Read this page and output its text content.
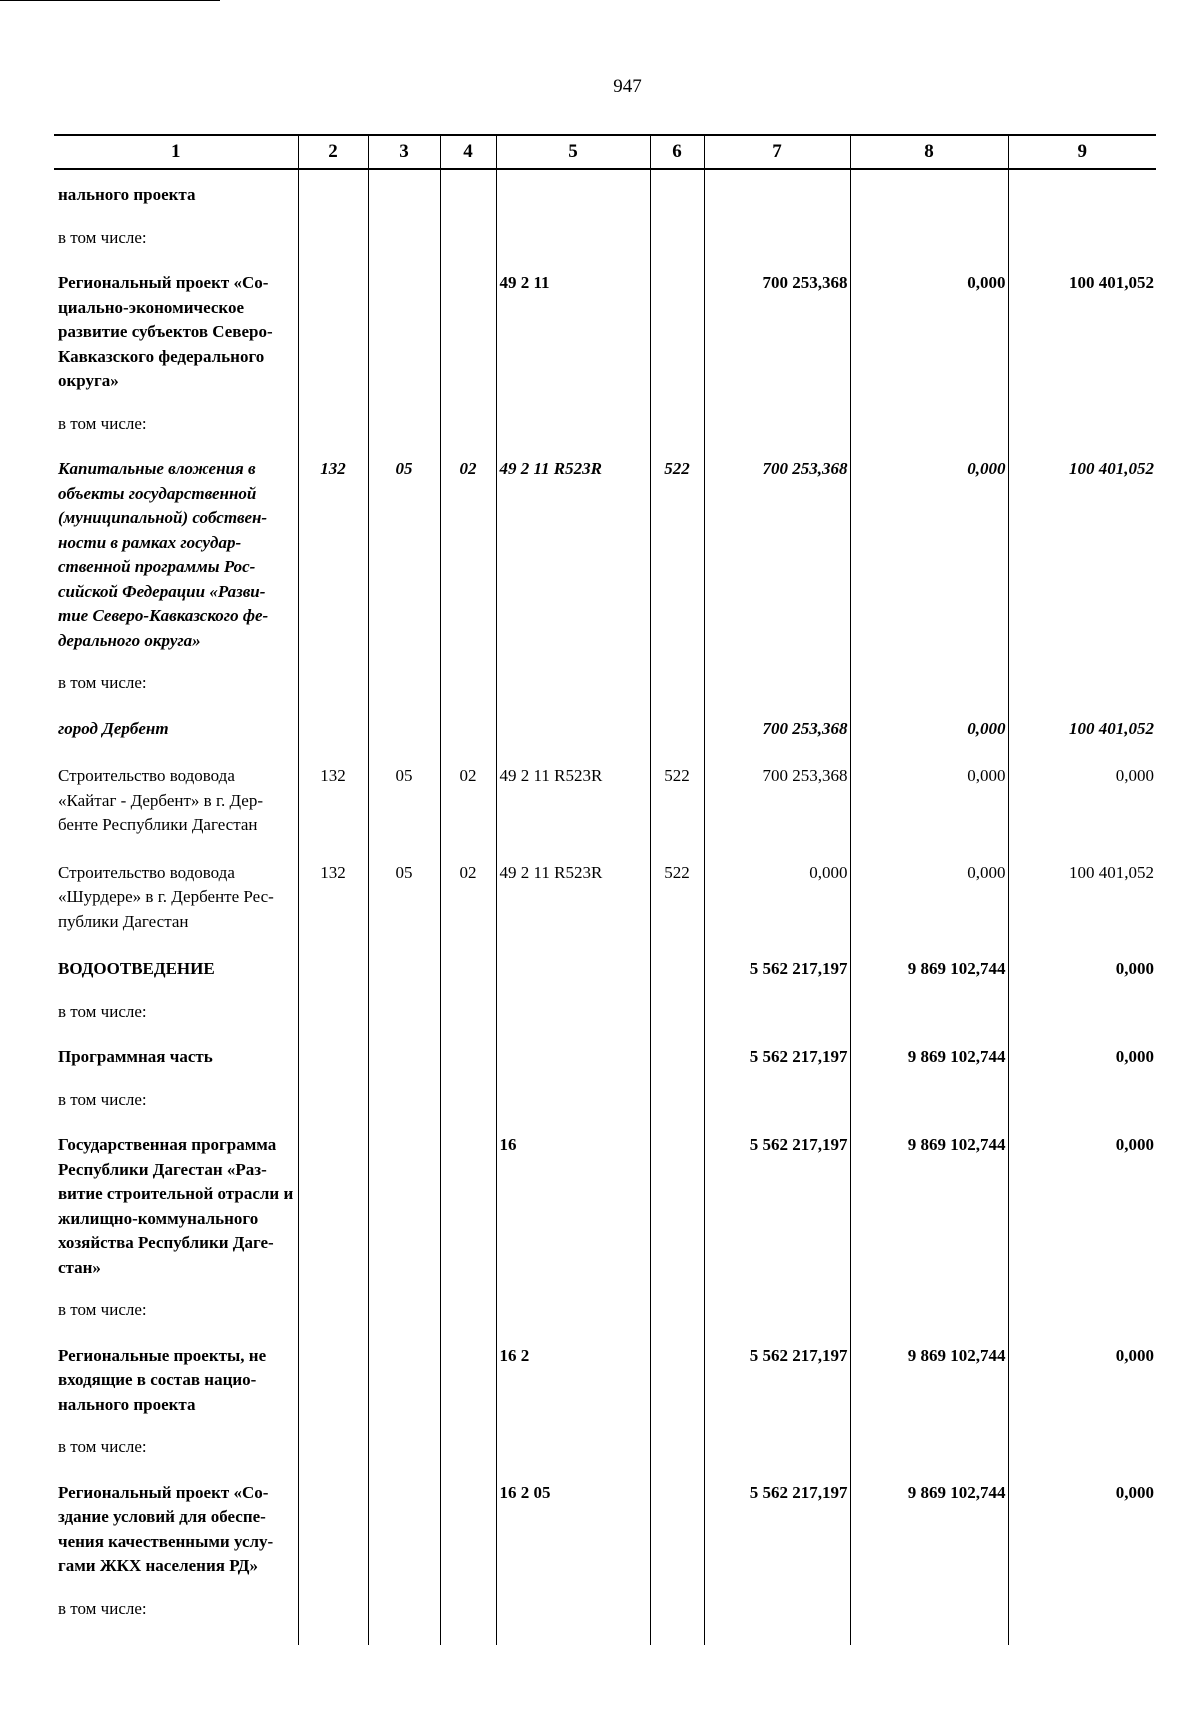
947
1	2	3	4	5	6	7	8	9
нального проекта								
в том числе:								
Региональный проект «Со-циально-экономическое развитие субъектов Северо-Кавказского федерального округа»				49 2 11		700 253,368	0,000	100 401,052
в том числе:								
Капитальные вложения в объекты государственной (муниципальной) собствен-ности в рамках государ-ственной программы Рос-сийской Федерации «Разви-тие Северо-Кавказского фе-дерального округа»	132	05	02	49 2 11 R523R	522	700 253,368	0,000	100 401,052
в том числе:								
город Дербент						700 253,368	0,000	100 401,052
Строительство водовода «Кайтаг - Дербент» в г. Дер-бенте Республики Дагестан	132	05	02	49 2 11 R523R	522	700 253,368	0,000	0,000
Строительство водовода «Шурдере» в г. Дербенте Рес-публики Дагестан	132	05	02	49 2 11 R523R	522	0,000	0,000	100 401,052
ВОДООТВЕДЕНИЕ						5 562 217,197	9 869 102,744	0,000
в том числе:								
Программная часть						5 562 217,197	9 869 102,744	0,000
в том числе:								
Государственная программа Республики Дагестан «Раз-витие строительной отрасли и жилищно-коммунального хозяйства Республики Даге-стан»				16		5 562 217,197	9 869 102,744	0,000
в том числе:								
Региональные проекты, не входящие в состав нацио-нального проекта				16 2		5 562 217,197	9 869 102,744	0,000
в том числе:								
Региональный проект «Со-здание условий для обеспе-чения качественными услу-гами ЖКХ населения РД»				16 2 05		5 562 217,197	9 869 102,744	0,000
в том числе:								
